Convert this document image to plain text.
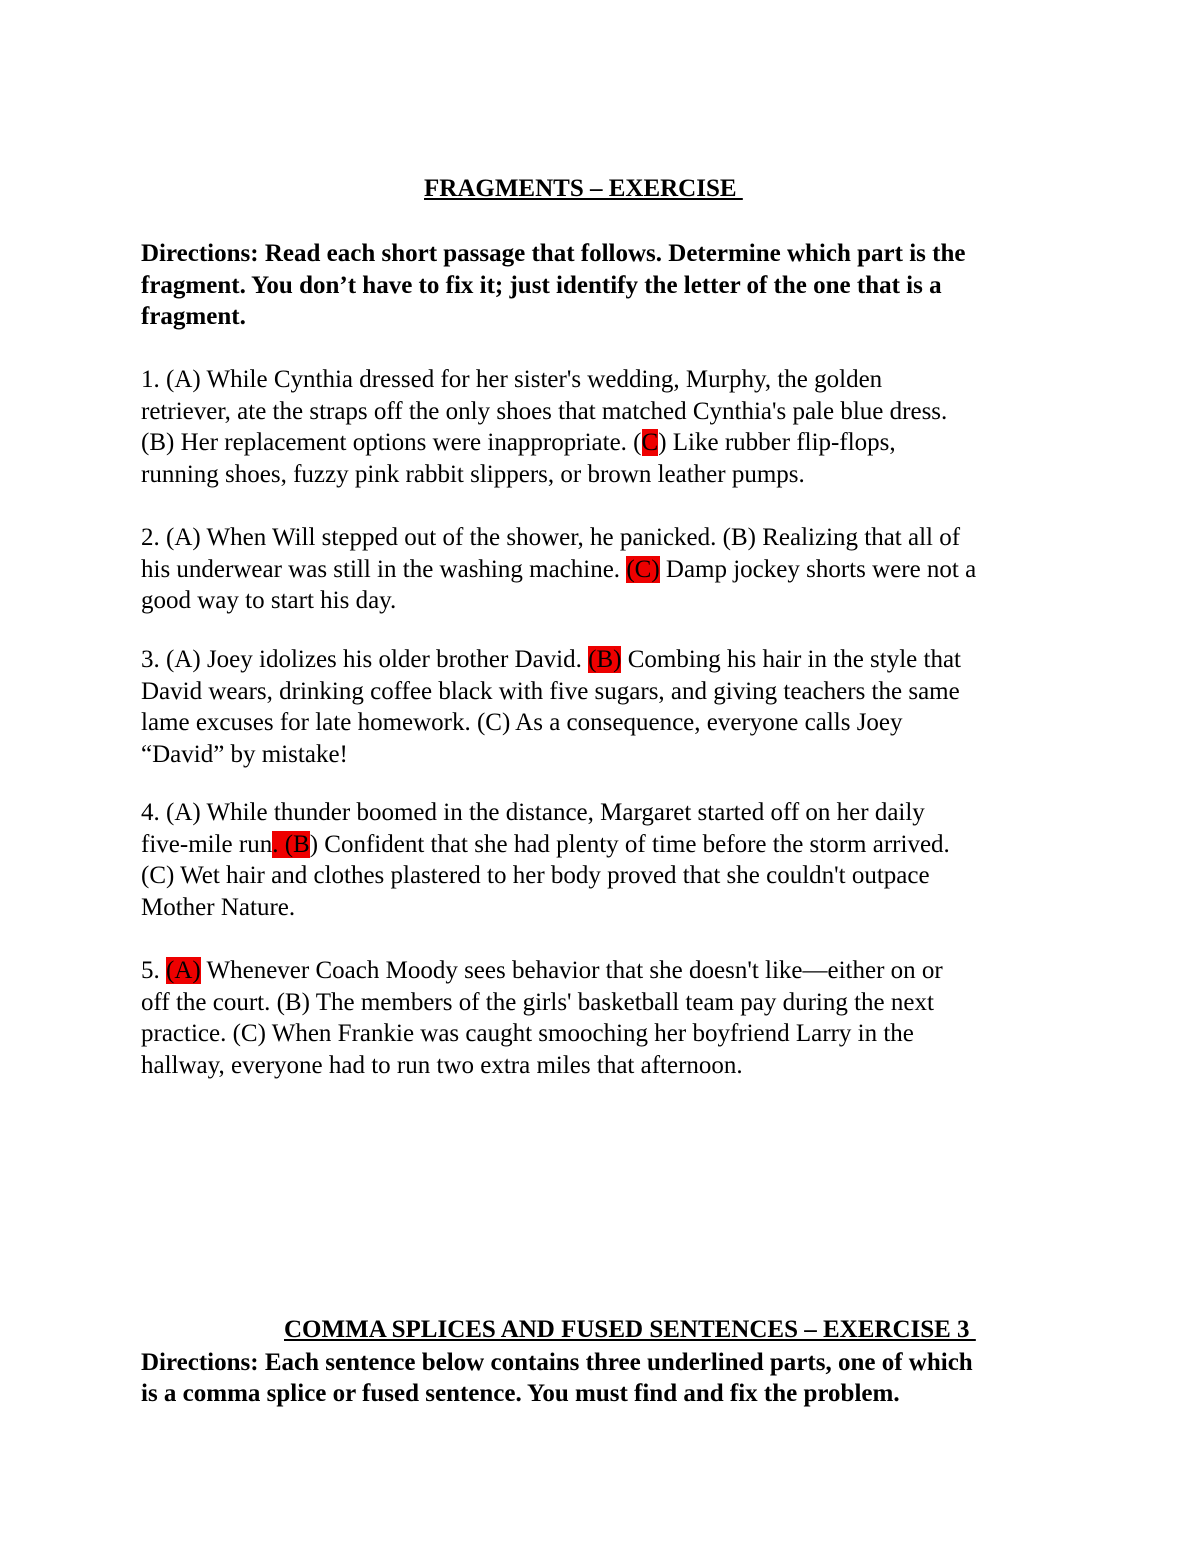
FRAGMENTS – EXERCISE

Directions: Read each short passage that follows. Determine which part is the

fragment. You don’t have to fix it; just identify the letter of the one that is a

fragment.

1. (A) While Cynthia dressed for her sister's wedding, Murphy, the golden

retriever, ate the straps off the only shoes that matched Cynthia's pale blue dress.

(B) Her replacement options were inappropriate. (C) Like rubber flip-flops,

running shoes, fuzzy pink rabbit slippers, or brown leather pumps.

2. (A) When Will stepped out of the shower, he panicked. (B) Realizing that all of

his underwear was still in the washing machine. (C) Damp jockey shorts were not a

good way to start his day.

3. (A) Joey idolizes his older brother David. (B) Combing his hair in the style that

David wears, drinking coffee black with five sugars, and giving teachers the same

lame excuses for late homework. (C) As a consequence, everyone calls Joey

“David” by mistake!

4. (A) While thunder boomed in the distance, Margaret started off on her daily

five-mile run. (B) Confident that she had plenty of time before the storm arrived.

(C) Wet hair and clothes plastered to her body proved that she couldn't outpace

Mother Nature.

5. (A) Whenever Coach Moody sees behavior that she doesn't like—either on or

off the court. (B) The members of the girls' basketball team pay during the next

practice. (C) When Frankie was caught smooching her boyfriend Larry in the

hallway, everyone had to run two extra miles that afternoon.

COMMA SPLICES AND FUSED SENTENCES – EXERCISE 3

Directions: Each sentence below contains three underlined parts, one of which

is a comma splice or fused sentence. You must find and fix the problem.
